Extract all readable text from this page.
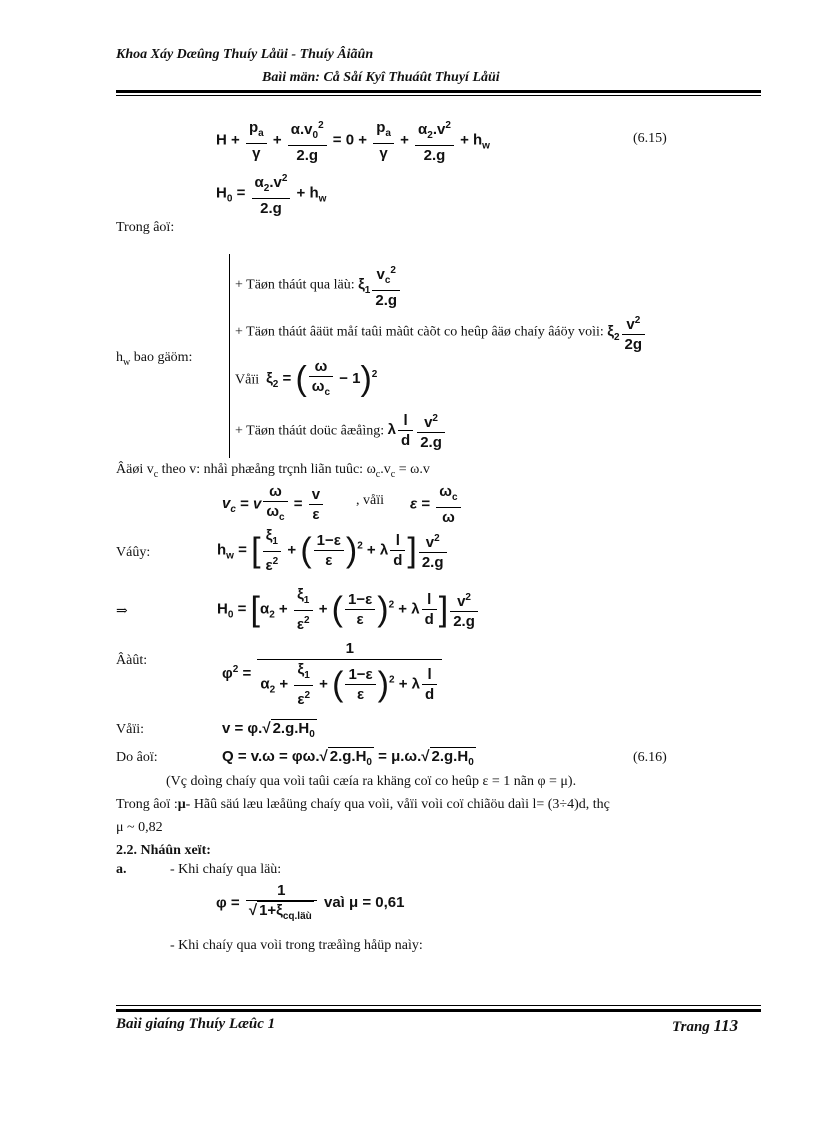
Khoa Xáy Dæûng Thuíy Låüi - Thuíy Âiãûn
Baìi män: Cå Såí Kyî Thuáût Thuyí Låüi
$H + \frac{p_a}{\gamma} + \frac{\alpha.v_0^2}{2.g} = 0 + \frac{p_a}{\gamma} + \frac{\alpha_2.v^2}{2.g} + h_w$	(6.15)
$H_0 = \frac{\alpha_2.v^2}{2.g} + h_w$
Trong âoï:
$h_w$ bao gäöm:
+ Täøn tháút qua läù: $\xi_1 \frac{v_c^2}{2.g}$
+ Täøn tháút âäüt måí taûi màût càõt co heûp âäø chaíy âáöy voìi: $\xi_2 \frac{v^2}{2g}$
Våïi $\xi_2$ = ( $\frac{\omega}{\omega_c} - 1)^2$
+ Täøn tháút doüc âæåìng: λ $\frac{l}{d} \frac{v^2}{2.g}$
Âäøi $v_c$ theo v: nhåì phæång trçnh liãn tuûc: $\omega_c.v_c = \omega.v$
$v_c = v \frac{\omega}{\omega_c} = \frac{v}{\varepsilon}$ , våïi $\varepsilon = \frac{\omega_c}{\omega}$
Váûy:	$h_w$ = [ $\frac{\xi_1}{\varepsilon^2}$ + ( $\frac{1-\varepsilon}{\varepsilon} )^2 + \lambda \frac{l}{d}$ ] $\frac{v^2}{2.g}$
⇒	$H_0 = [\alpha_2 + \frac{\xi_1}{\varepsilon^2}$ + ( $\frac{1-\varepsilon}{\varepsilon} )^2 + \lambda \frac{l}{d}$ ] $\frac{v^2}{2.g}$
Âàût:
$\varphi^2 = \frac{1}{\alpha_2 + \frac{\xi_1}{\varepsilon^2} + ( \frac{1-\varepsilon}{\varepsilon} )^2 + \lambda \frac{l}{d}}$
Våïi:	v = φ.√ $2.g.H_0$
Do âoï:	Q = v.ω = φω.√ $2.g.H_0 = \mu.\omega.√$ $2.g.H_0$	(6.16)
(Vç doìng chaíy qua voìi taûi cæía ra khäng coï co heûp ε = 1 nãn φ = μ).
Trong âoï :μ- Hãû säú læu læåüng chaíy qua voìi, våïi voìi coï chiãöu daìi l= (3÷4)d, thç
μ ~ 0,82
2.2. Nháûn xeït:
a.	- Khi chaíy qua läù:
$\varphi = \frac{1}{√ 1+\xi_{cq.läù}}$ vaì μ = 0,61
- Khi chaíy qua voìi trong træåìng håüp naìy:
Baìi giaíng Thuíy Læûc 1	Trang 113
